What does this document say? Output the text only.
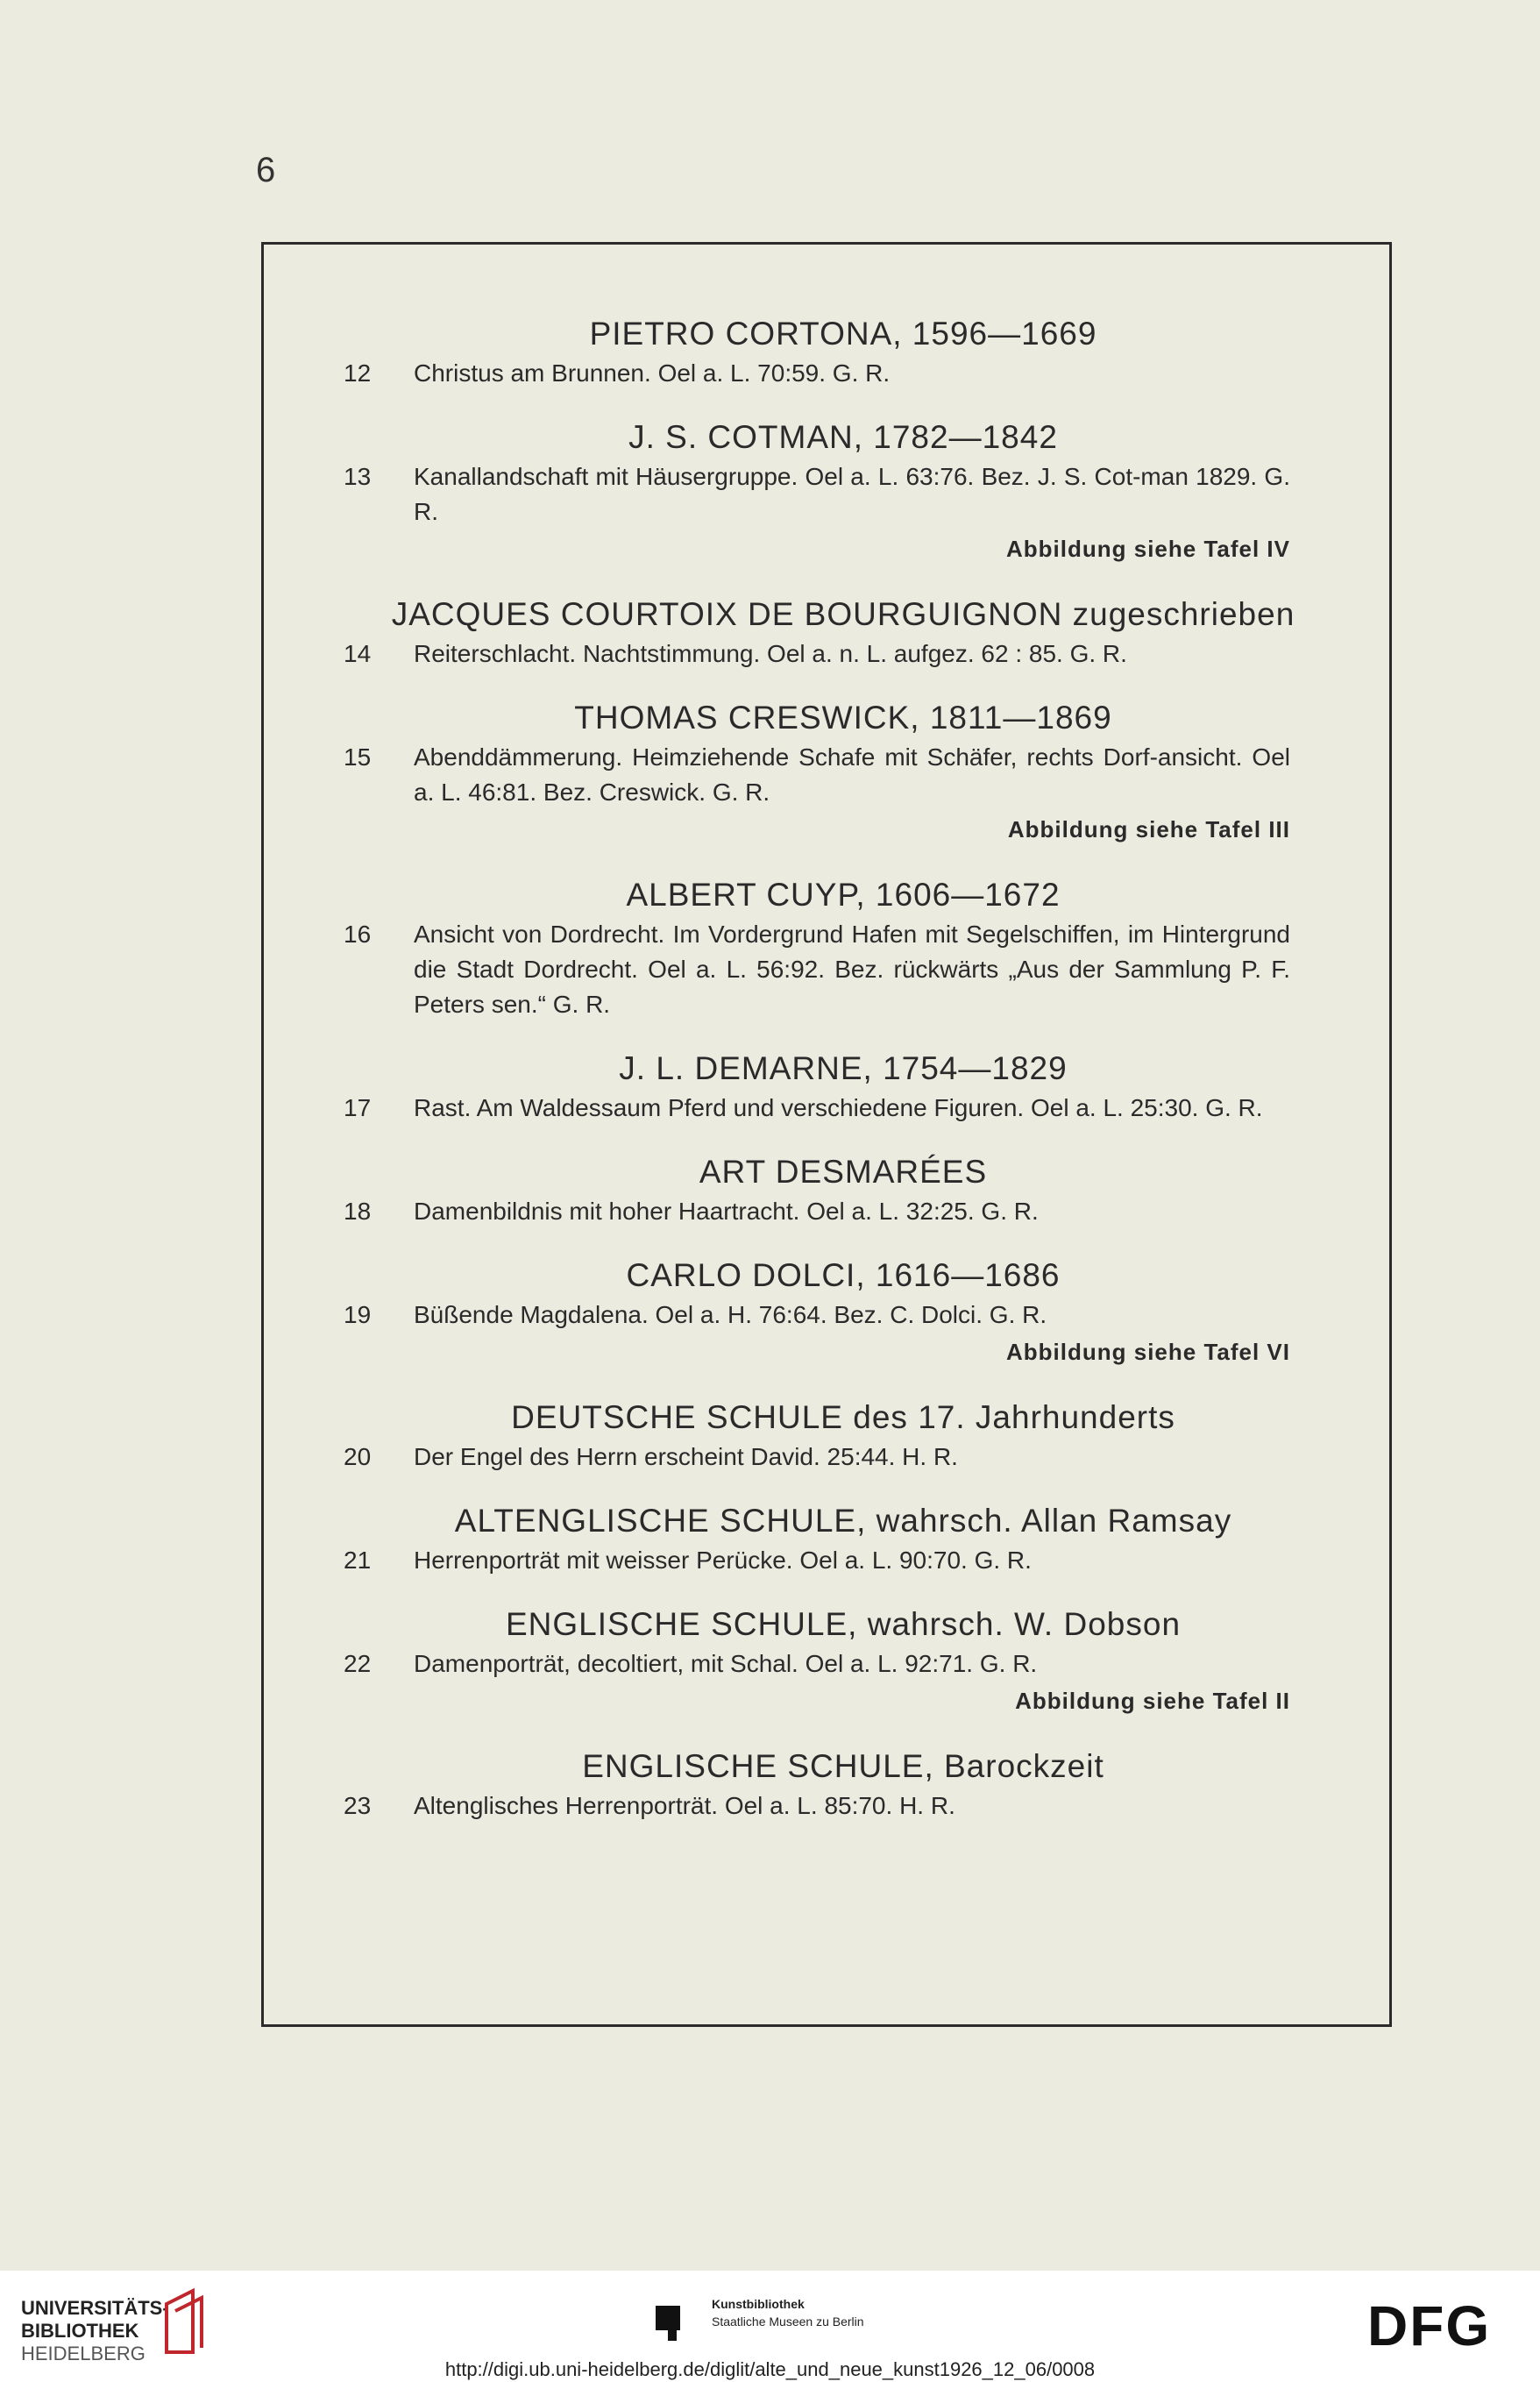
6
PIETRO CORTONA, 1596—1669
12	Christus am Brunnen. Oel a. L. 70:59. G. R.
J. S. COTMAN, 1782—1842
13	Kanallandschaft mit Häusergruppe. Oel a. L. 63:76. Bez. J. S. Cot-man 1829. G. R.
Abbildung siehe Tafel IV
JACQUES COURTOIX DE BOURGUIGNON zugeschrieben
14	Reiterschlacht. Nachtstimmung. Oel a. n. L. aufgez. 62 : 85. G. R.
THOMAS CRESWICK, 1811—1869
15	Abenddämmerung. Heimziehende Schafe mit Schäfer, rechts Dorf-ansicht. Oel a. L. 46:81. Bez. Creswick. G. R.
Abbildung siehe Tafel III
ALBERT CUYP, 1606—1672
16	Ansicht von Dordrecht. Im Vordergrund Hafen mit Segelschiffen, im Hintergrund die Stadt Dordrecht. Oel a. L. 56:92. Bez. rückwärts „Aus der Sammlung P. F. Peters sen.“ G. R.
J. L. DEMARNE, 1754—1829
17	Rast. Am Waldessaum Pferd und verschiedene Figuren. Oel a. L. 25:30. G. R.
ART DESMARÉES
18	Damenbildnis mit hoher Haartracht. Oel a. L. 32:25. G. R.
CARLO DOLCI, 1616—1686
19	Büßende Magdalena. Oel a. H. 76:64. Bez. C. Dolci. G. R.
Abbildung siehe Tafel VI
DEUTSCHE SCHULE des 17. Jahrhunderts
20	Der Engel des Herrn erscheint David. 25:44. H. R.
ALTENGLISCHE SCHULE, wahrsch. Allan Ramsay
21	Herrenporträt mit weisser Perücke. Oel a. L. 90:70. G. R.
ENGLISCHE SCHULE, wahrsch. W. Dobson
22	Damenporträt, decoltiert, mit Schal. Oel a. L. 92:71. G. R.
Abbildung siehe Tafel II
ENGLISCHE SCHULE, Barockzeit
23	Altenglisches Herrenporträt. Oel a. L. 85:70. H. R.
UNIVERSITÄTS-
BIBLIOTHEK
HEIDELBERG
Kunstbibliothek
Staatliche Museen zu Berlin	DFG
http://digi.ub.uni-heidelberg.de/diglit/alte_und_neue_kunst1926_12_06/0008
